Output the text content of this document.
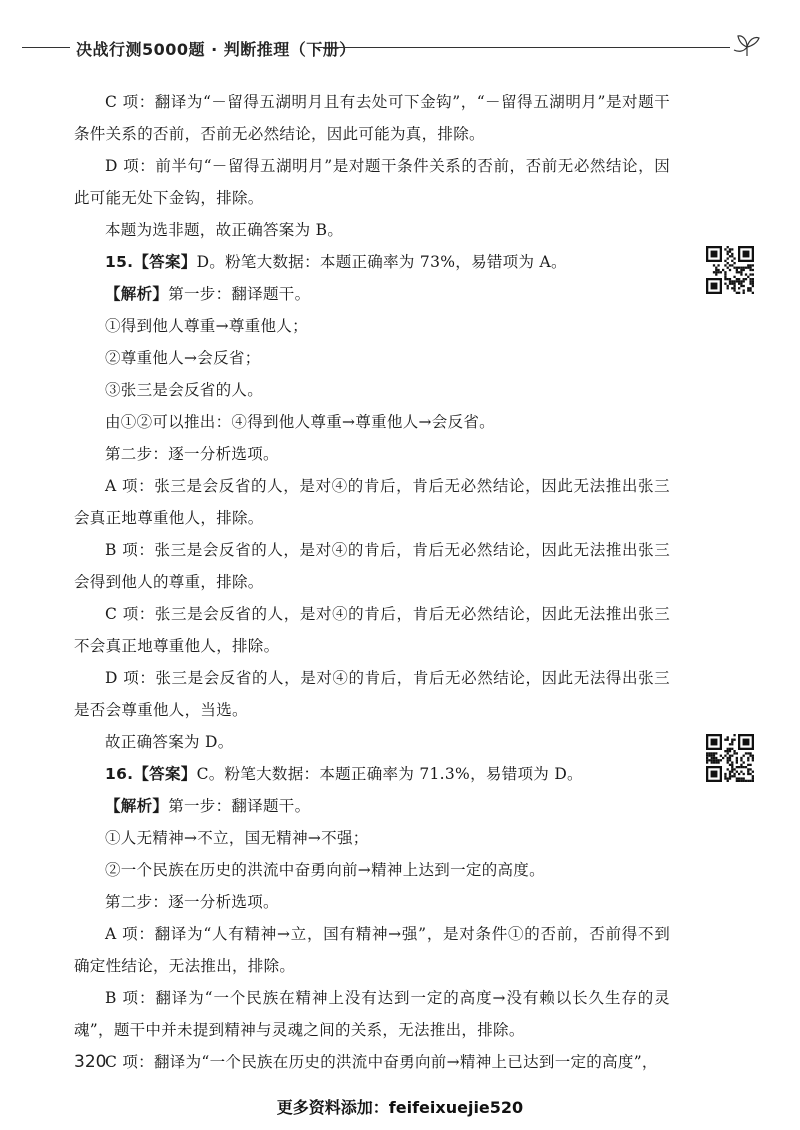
决战行测5000题 · 判断推理（下册）

C 项：翻译为“－留得五湖明月且有去处可下金钩”，“－留得五湖明月”是对题干条件关系的否前，否前无必然结论，因此可能为真，排除。

D 项：前半句“－留得五湖明月”是对题干条件关系的否前，否前无必然结论，因此可能无处下金钩，排除。

本题为选非题，故正确答案为 B。

15.【答案】D。粉笔大数据：本题正确率为 73%，易错项为 A。

【解析】第一步：翻译题干。

①得到他人尊重→尊重他人；

②尊重他人→会反省；

③张三是会反省的人。

由①②可以推出：④得到他人尊重→尊重他人→会反省。

第二步：逐一分析选项。

A 项：张三是会反省的人，是对④的肯后，肯后无必然结论，因此无法推出张三会真正地尊重他人，排除。

B 项：张三是会反省的人，是对④的肯后，肯后无必然结论，因此无法推出张三会得到他人的尊重，排除。

C 项：张三是会反省的人，是对④的肯后，肯后无必然结论，因此无法推出张三不会真正地尊重他人，排除。

D 项：张三是会反省的人，是对④的肯后，肯后无必然结论，因此无法得出张三是否会尊重他人，当选。

故正确答案为 D。

16.【答案】C。粉笔大数据：本题正确率为 71.3%，易错项为 D。

【解析】第一步：翻译题干。

①人无精神→不立，国无精神→不强；

②一个民族在历史的洪流中奋勇向前→精神上达到一定的高度。

第二步：逐一分析选项。

A 项：翻译为“人有精神→立，国有精神→强”，是对条件①的否前，否前得不到确定性结论，无法推出，排除。

B 项：翻译为“一个民族在精神上没有达到一定的高度→没有赖以长久生存的灵魂”，题干中并未提到精神与灵魂之间的关系，无法推出，排除。

C 项：翻译为“一个民族在历史的洪流中奋勇向前→精神上已达到一定的高度”，

320
更多资料添加：feifeixuejie520
